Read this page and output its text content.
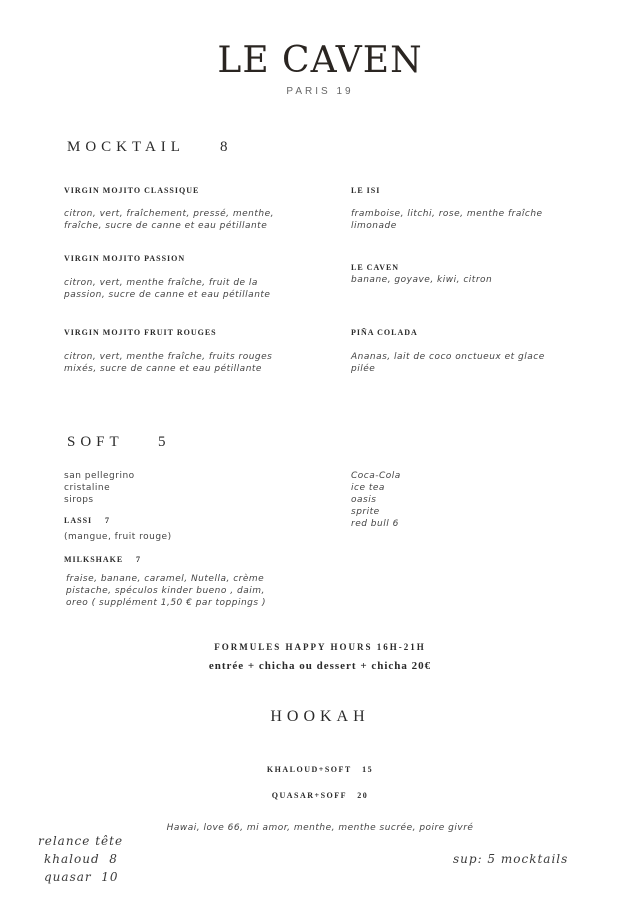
LE CAVEN
PARIS 19
MOCKTAIL 8
VIRGIN MOJITO CLASSIQUE
citron, vert, fraîchement, pressé, menthe,
fraîche, sucre de canne et eau pétillante
VIRGIN MOJITO PASSION
citron, vert, menthe fraîche, fruit de la
passion, sucre de canne et eau pétillante
VIRGIN MOJITO FRUIT ROUGES
citron, vert, menthe fraîche, fruits rouges
mixés, sucre de canne et eau pétillante
LE ISI
framboise, litchi, rose, menthe fraîche
limonade
LE CAVEN
banane, goyave, kiwi, citron
PIÑA COLADA
Ananas, lait de coco onctueux et glace
pilée
SOFT 5
san pellegrino
cristaline
sirops
LASSI 7
(mangue, fruit rouge)
MILKSHAKE 7
fraise, banane, caramel, Nutella, crème
pistache, spéculos kinder bueno , daim,
oreo ( supplément 1,50 € par toppings )
Coca-Cola
ice tea
oasis
sprite
red bull 6
FORMULES HAPPY HOURS 16H-21H
entrée + chicha ou dessert + chicha 20€
HOOKAH
KHALOUD+SOFT   15
QUASAR+SOFF   20
Hawai, love 66, mi amor, menthe, menthe sucrée, poire givré
relance tête
khaloud  8
quasar  10
sup: 5 mocktails
